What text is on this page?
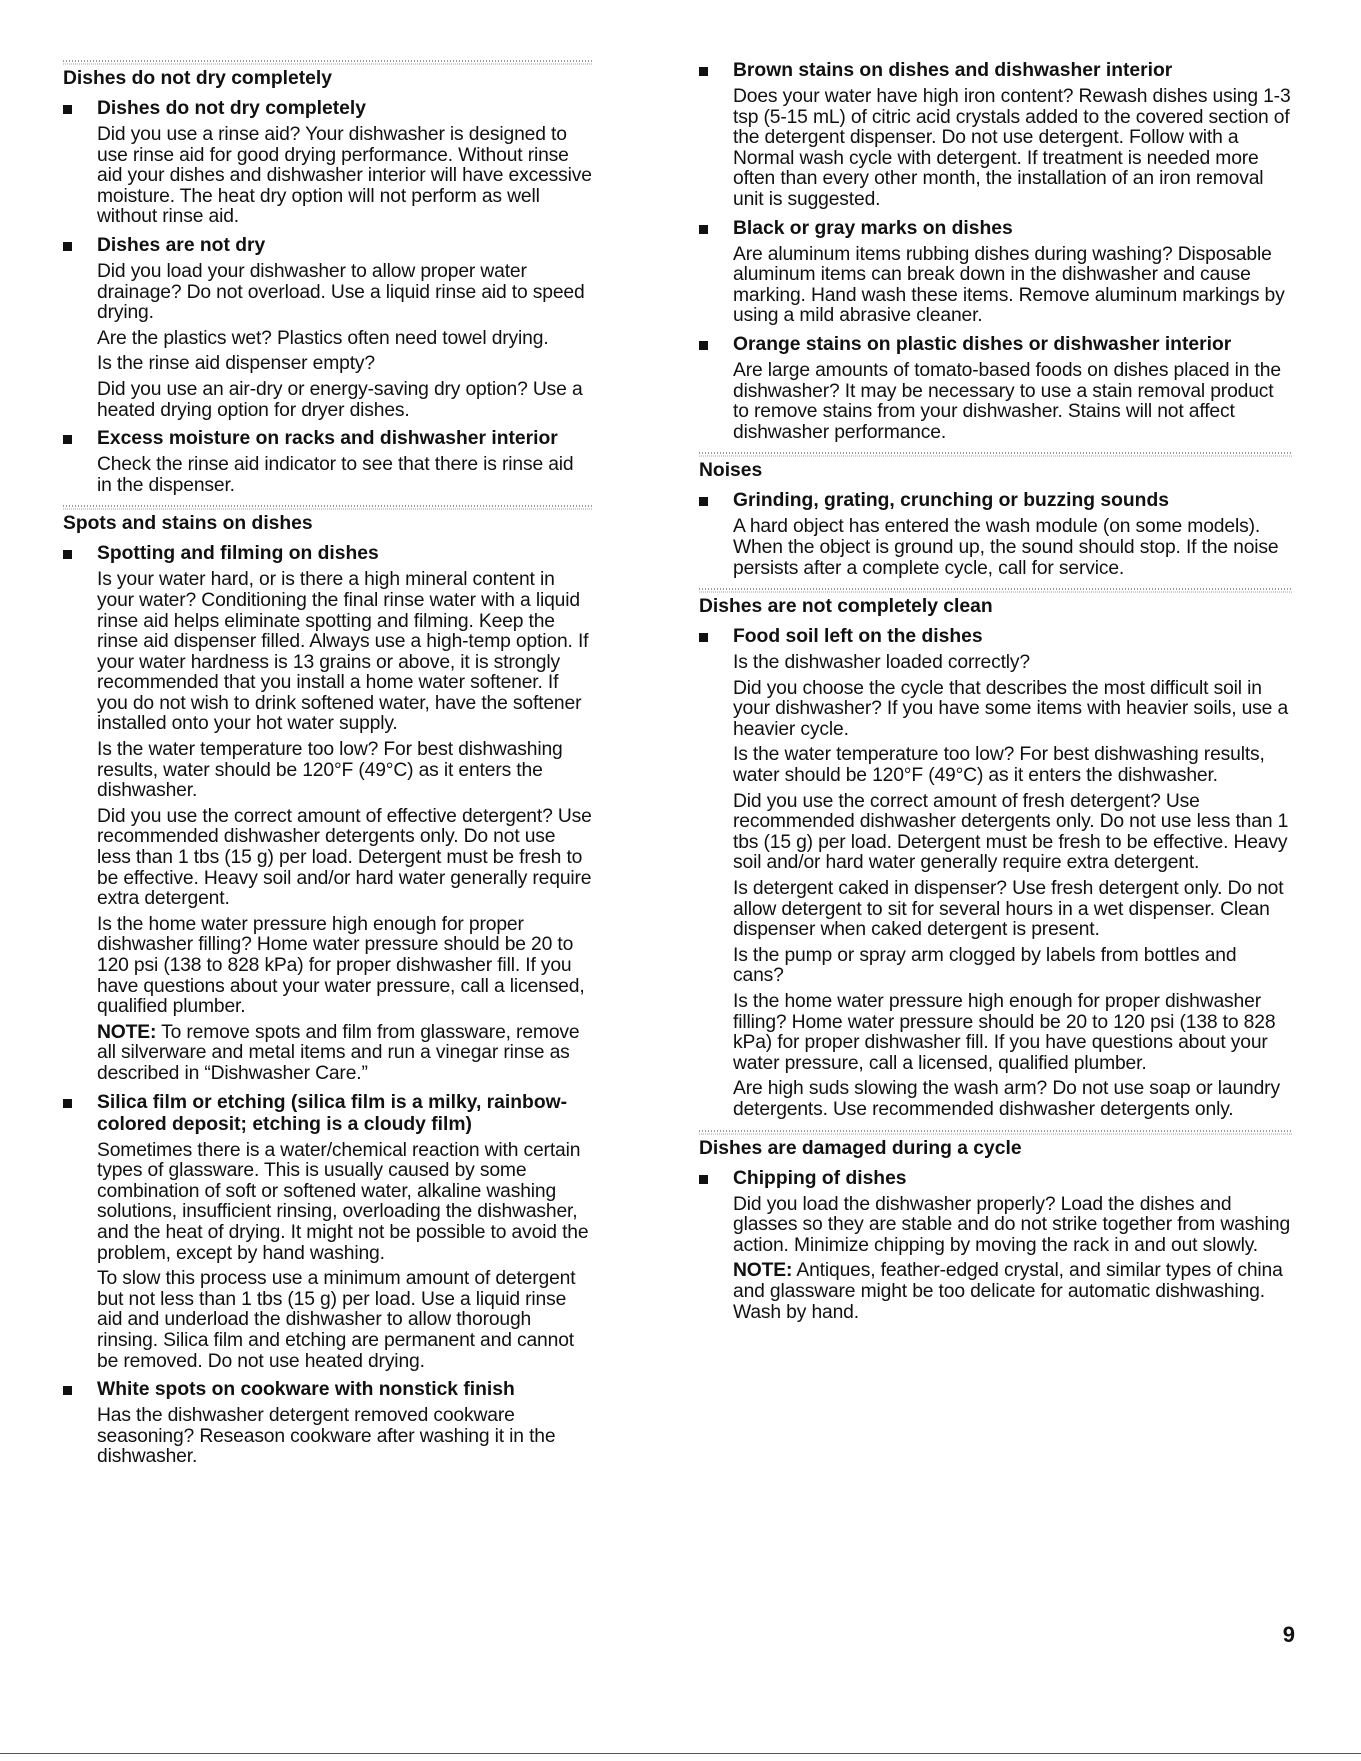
Dishes do not dry completely
Dishes do not dry completely

Did you use a rinse aid? Your dishwasher is designed to use rinse aid for good drying performance. Without rinse aid your dishes and dishwasher interior will have excessive moisture. The heat dry option will not perform as well without rinse aid.

Dishes are not dry

Did you load your dishwasher to allow proper water drainage? Do not overload. Use a liquid rinse aid to speed drying.

Are the plastics wet? Plastics often need towel drying.

Is the rinse aid dispenser empty?

Did you use an air-dry or energy-saving dry option? Use a heated drying option for dryer dishes.

Excess moisture on racks and dishwasher interior

Check the rinse aid indicator to see that there is rinse aid in the dispenser.

Spots and stains on dishes
Spotting and filming on dishes

Is your water hard, or is there a high mineral content in your water? Conditioning the final rinse water with a liquid rinse aid helps eliminate spotting and filming. Keep the rinse aid dispenser filled. Always use a high-temp option. If your water hardness is 13 grains or above, it is strongly recommended that you install a home water softener. If you do not wish to drink softened water, have the softener installed onto your hot water supply.

Is the water temperature too low? For best dishwashing results, water should be 120°F (49°C) as it enters the dishwasher.

Did you use the correct amount of effective detergent? Use recommended dishwasher detergents only. Do not use less than 1 tbs (15 g) per load. Detergent must be fresh to be effective. Heavy soil and/or hard water generally require extra detergent.

Is the home water pressure high enough for proper dishwasher filling? Home water pressure should be 20 to 120 psi (138 to 828 kPa) for proper dishwasher fill. If you have questions about your water pressure, call a licensed, qualified plumber.

NOTE: To remove spots and film from glassware, remove all silverware and metal items and run a vinegar rinse as described in “Dishwasher Care.”

Silica film or etching (silica film is a milky, rainbow-colored deposit; etching is a cloudy film)

Sometimes there is a water/chemical reaction with certain types of glassware. This is usually caused by some combination of soft or softened water, alkaline washing solutions, insufficient rinsing, overloading the dishwasher, and the heat of drying. It might not be possible to avoid the problem, except by hand washing.

To slow this process use a minimum amount of detergent but not less than 1 tbs (15 g) per load. Use a liquid rinse aid and underload the dishwasher to allow thorough rinsing. Silica film and etching are permanent and cannot be removed. Do not use heated drying.

White spots on cookware with nonstick finish

Has the dishwasher detergent removed cookware seasoning? Reseason cookware after washing it in the dishwasher.

Brown stains on dishes and dishwasher interior

Does your water have high iron content? Rewash dishes using 1-3 tsp (5-15 mL) of citric acid crystals added to the covered section of the detergent dispenser. Do not use detergent. Follow with a Normal wash cycle with detergent. If treatment is needed more often than every other month, the installation of an iron removal unit is suggested.

Black or gray marks on dishes

Are aluminum items rubbing dishes during washing? Disposable aluminum items can break down in the dishwasher and cause marking. Hand wash these items. Remove aluminum markings by using a mild abrasive cleaner.

Orange stains on plastic dishes or dishwasher interior

Are large amounts of tomato-based foods on dishes placed in the dishwasher? It may be necessary to use a stain removal product to remove stains from your dishwasher. Stains will not affect dishwasher performance.

Noises
Grinding, grating, crunching or buzzing sounds

A hard object has entered the wash module (on some models). When the object is ground up, the sound should stop. If the noise persists after a complete cycle, call for service.

Dishes are not completely clean
Food soil left on the dishes

Is the dishwasher loaded correctly?

Did you choose the cycle that describes the most difficult soil in your dishwasher? If you have some items with heavier soils, use a heavier cycle.

Is the water temperature too low? For best dishwashing results, water should be 120°F (49°C) as it enters the dishwasher.

Did you use the correct amount of fresh detergent? Use recommended dishwasher detergents only. Do not use less than 1 tbs (15 g) per load. Detergent must be fresh to be effective. Heavy soil and/or hard water generally require extra detergent.

Is detergent caked in dispenser? Use fresh detergent only. Do not allow detergent to sit for several hours in a wet dispenser. Clean dispenser when caked detergent is present.

Is the pump or spray arm clogged by labels from bottles and cans?

Is the home water pressure high enough for proper dishwasher filling? Home water pressure should be 20 to 120 psi (138 to 828 kPa) for proper dishwasher fill. If you have questions about your water pressure, call a licensed, qualified plumber.

Are high suds slowing the wash arm? Do not use soap or laundry detergents. Use recommended dishwasher detergents only.

Dishes are damaged during a cycle
Chipping of dishes

Did you load the dishwasher properly? Load the dishes and glasses so they are stable and do not strike together from washing action. Minimize chipping by moving the rack in and out slowly.

NOTE: Antiques, feather-edged crystal, and similar types of china and glassware might be too delicate for automatic dishwashing. Wash by hand.

9
